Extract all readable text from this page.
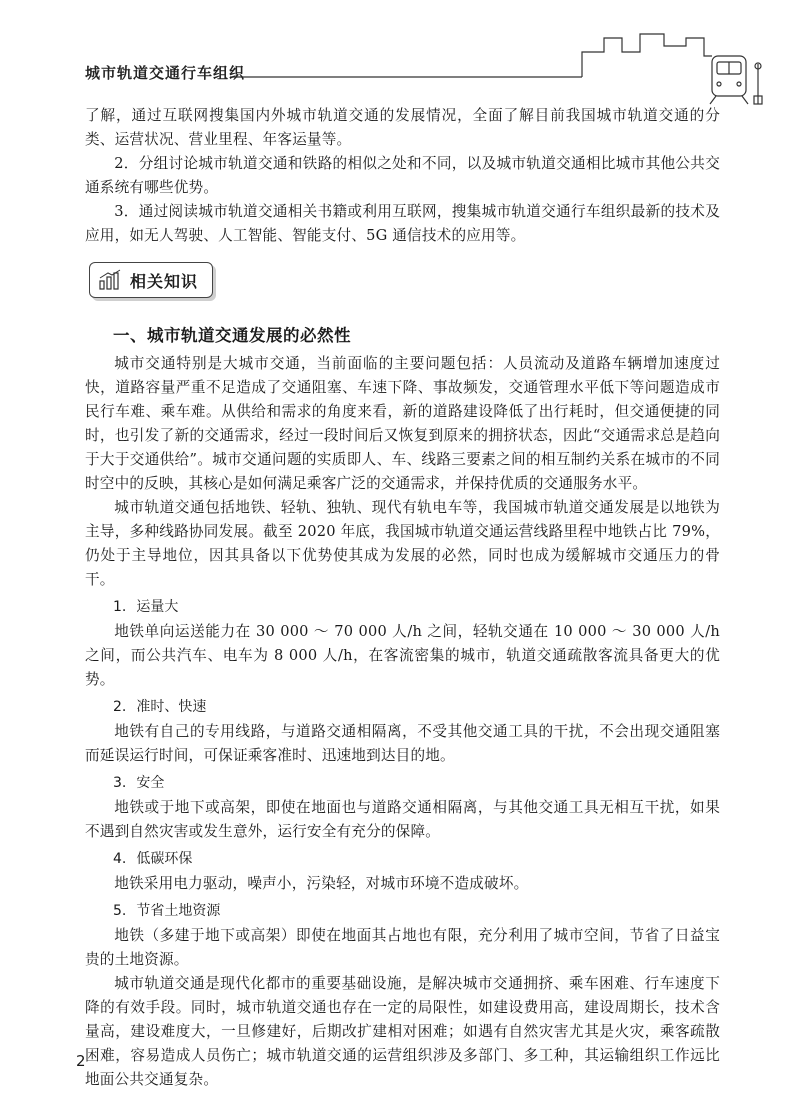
城市轨道交通行车组织

了解，通过互联网搜集国内外城市轨道交通的发展情况，全面了解目前我国城市轨道交通的分类、运营状况、营业里程、年客运量等。

2．分组讨论城市轨道交通和铁路的相似之处和不同，以及城市轨道交通相比城市其他公共交通系统有哪些优势。

3．通过阅读城市轨道交通相关书籍或利用互联网，搜集城市轨道交通行车组织最新的技术及应用，如无人驾驶、人工智能、智能支付、5G 通信技术的应用等。

相关知识
一、城市轨道交通发展的必然性

城市交通特别是大城市交通，当前面临的主要问题包括：人员流动及道路车辆增加速度过快，道路容量严重不足造成了交通阻塞、车速下降、事故频发，交通管理水平低下等问题造成市民行车难、乘车难。从供给和需求的角度来看，新的道路建设降低了出行耗时，但交通便捷的同时，也引发了新的交通需求，经过一段时间后又恢复到原来的拥挤状态，因此“交通需求总是趋向于大于交通供给”。城市交通问题的实质即人、车、线路三要素之间的相互制约关系在城市的不同时空中的反映，其核心是如何满足乘客广泛的交通需求，并保持优质的交通服务水平。

城市轨道交通包括地铁、轻轨、独轨、现代有轨电车等，我国城市轨道交通发展是以地铁为主导，多种线路协同发展。截至 2020 年底，我国城市轨道交通运营线路里程中地铁占比 79%，仍处于主导地位，因其具备以下优势使其成为发展的必然，同时也成为缓解城市交通压力的骨干。

1. 运量大

地铁单向运送能力在 30 000 ～ 70 000 人/h 之间，轻轨交通在 10 000 ～ 30 000 人/h 之间，而公共汽车、电车为 8 000 人/h，在客流密集的城市，轨道交通疏散客流具备更大的优势。

2. 准时、快速

地铁有自己的专用线路，与道路交通相隔离，不受其他交通工具的干扰，不会出现交通阻塞而延误运行时间，可保证乘客准时、迅速地到达目的地。

3. 安全

地铁或于地下或高架，即使在地面也与道路交通相隔离，与其他交通工具无相互干扰，如果不遇到自然灾害或发生意外，运行安全有充分的保障。

4. 低碳环保

地铁采用电力驱动，噪声小，污染轻，对城市环境不造成破坏。

5. 节省土地资源

地铁（多建于地下或高架）即使在地面其占地也有限，充分利用了城市空间，节省了日益宝贵的土地资源。

城市轨道交通是现代化都市的重要基础设施，是解决城市交通拥挤、乘车困难、行车速度下降的有效手段。同时，城市轨道交通也存在一定的局限性，如建设费用高，建设周期长，技术含量高，建设难度大，一旦修建好，后期改扩建相对困难；如遇有自然灾害尤其是火灾，乘客疏散困难，容易造成人员伤亡；城市轨道交通的运营组织涉及多部门、多工种，其运输组织工作远比地面公共交通复杂。

2
